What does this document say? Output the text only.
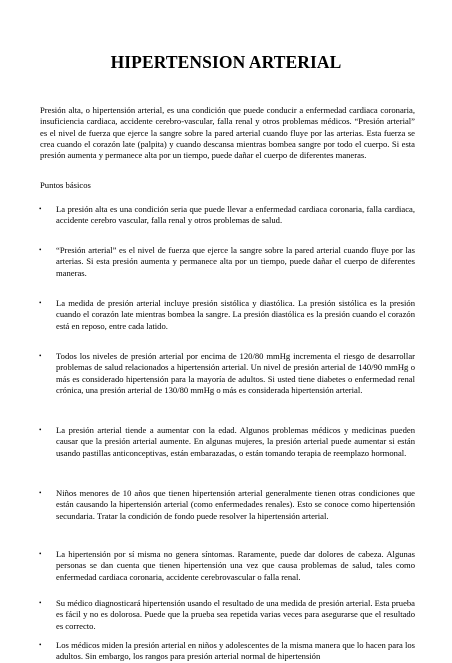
HIPERTENSION ARTERIAL

Presión alta, o hipertensión arterial, es una condición que puede conducir a enfermedad cardiaca coronaria, insuficiencia cardiaca, accidente cerebro-vascular, falla renal y otros problemas médicos. “Presión arterial” es el nivel de fuerza que ejerce la sangre sobre la pared arterial cuando fluye por las arterias. Esta fuerza se crea cuando el corazón late (palpita) y cuando descansa mientras bombea sangre por todo el cuerpo. Si esta presión aumenta y permanece alta por un tiempo, puede dañar el cuerpo de diferentes maneras.

Puntos básicos

• La presión alta es una condición seria que puede llevar a enfermedad cardiaca coronaria, falla cardiaca, accidente cerebro vascular, falla renal y otros problemas de salud.
• “Presión arterial” es el nivel de fuerza que ejerce la sangre sobre la pared arterial cuando fluye por las arterias. Si esta presión aumenta y permanece alta por un tiempo, puede dañar el cuerpo de diferentes maneras.
• La medida de presión arterial incluye presión sistólica y diastólica. La presión sistólica es la presión cuando el corazón late mientras bombea la sangre. La presión diastólica es la presión cuando el corazón está en reposo, entre cada latido.
• Todos los niveles de presión arterial por encima de 120/80 mmHg incrementa el riesgo de desarrollar problemas de salud relacionados a hipertensión arterial. Un nivel de presión arterial de 140/90 mmHg o más es considerado hipertensión para la mayoría de adultos. Si usted tiene diabetes o enfermedad renal crónica, una presión arterial de 130/80 mmHg o más es considerada hipertensión arterial.
• La presión arterial tiende a aumentar con la edad. Algunos problemas médicos y medicinas pueden causar que la presión arterial aumente. En algunas mujeres, la presión arterial puede aumentar si están usando pastillas anticonceptivas, están embarazadas, o están tomando terapia de reemplazo hormonal.
• Niños menores de 10 años que tienen hipertensión arterial generalmente tienen otras condiciones que están causando la hipertensión arterial (como enfermedades renales). Esto se conoce como hipertensión secundaria. Tratar la condición de fondo puede resolver la hipertensión arterial.
• La hipertensión por sí misma no genera síntomas. Raramente, puede dar dolores de cabeza. Algunas personas se dan cuenta que tienen hipertensión una vez que causa problemas de salud, tales como enfermedad cardiaca coronaria, accidente cerebrovascular o falla renal.
• Su médico diagnosticará hipertensión usando el resultado de una medida de presión arterial. Esta prueba es fácil y no es dolorosa. Puede que la prueba sea repetida varias veces para asegurarse que el resultado es correcto.
• Los médicos miden la presión arterial en niños y adolescentes de la misma manera que lo hacen para los adultos. Sin embargo, los rangos para presión arterial normal de hipertensión
